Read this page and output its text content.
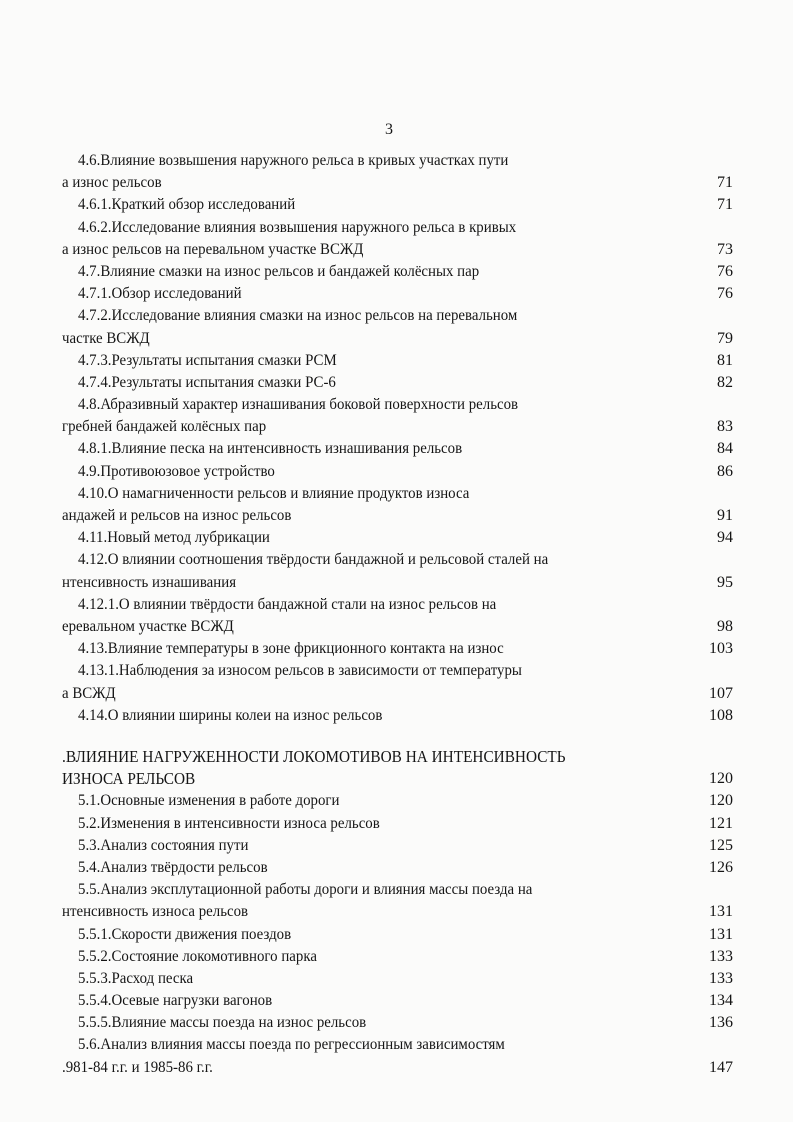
3
4.6.Влияние возвышения наружного рельса в кривых участках пути
а износ рельсов	71
4.6.1.Краткий обзор исследований	71
4.6.2.Исследование влияния возвышения наружного рельса в кривых
а износ рельсов на перевальном участке ВСЖД	73
4.7.Влияние смазки на износ рельсов и бандажей колёсных пар	76
4.7.1.Обзор исследований	76
4.7.2.Исследование влияния смазки на износ рельсов на перевальном
частке ВСЖД	79
4.7.3.Результаты испытания смазки РСМ	81
4.7.4.Результаты испытания смазки РС-6	82
4.8.Абразивный характер изнашивания боковой поверхности рельсов
гребней бандажей колёсных пар	83
4.8.1.Влияние песка на интенсивность изнашивания рельсов	84
4.9.Противоюзовое устройство	86
4.10.О намагниченности рельсов и влияние продуктов износа
андажей и рельсов на износ рельсов	91
4.11.Новый метод лубрикации	94
4.12.О влиянии соотношения твёрдости бандажной и рельсовой сталей на
нтенсивность изнашивания	95
4.12.1.О влиянии твёрдости бандажной стали на износ рельсов на
еревальном участке ВСЖД	98
4.13.Влияние температуры в зоне фрикционного контакта на износ	103
4.13.1.Наблюдения за износом рельсов в зависимости от температуры
а ВСЖД	107
4.14.О влиянии ширины колеи на износ рельсов	108
.ВЛИЯНИЕ НАГРУЖЕННОСТИ ЛОКОМОТИВОВ НА ИНТЕНСИВНОСТЬ
ИЗНОСА РЕЛЬСОВ	120
5.1.Основные изменения в работе дороги	120
5.2.Изменения в интенсивности износа рельсов	121
5.3.Анализ состояния пути	125
5.4.Анализ твёрдости рельсов	126
5.5.Анализ эксплутационной работы дороги и влияния массы поезда на
нтенсивность износа рельсов	131
5.5.1.Скорости движения поездов	131
5.5.2.Состояние локомотивного парка	133
5.5.3.Расход песка	133
5.5.4.Осевые нагрузки вагонов	134
5.5.5.Влияние массы поезда на износ рельсов	136
5.6.Анализ влияния массы поезда по регрессионным зависимостям
.981-84 г.г. и 1985-86 г.г.	147
